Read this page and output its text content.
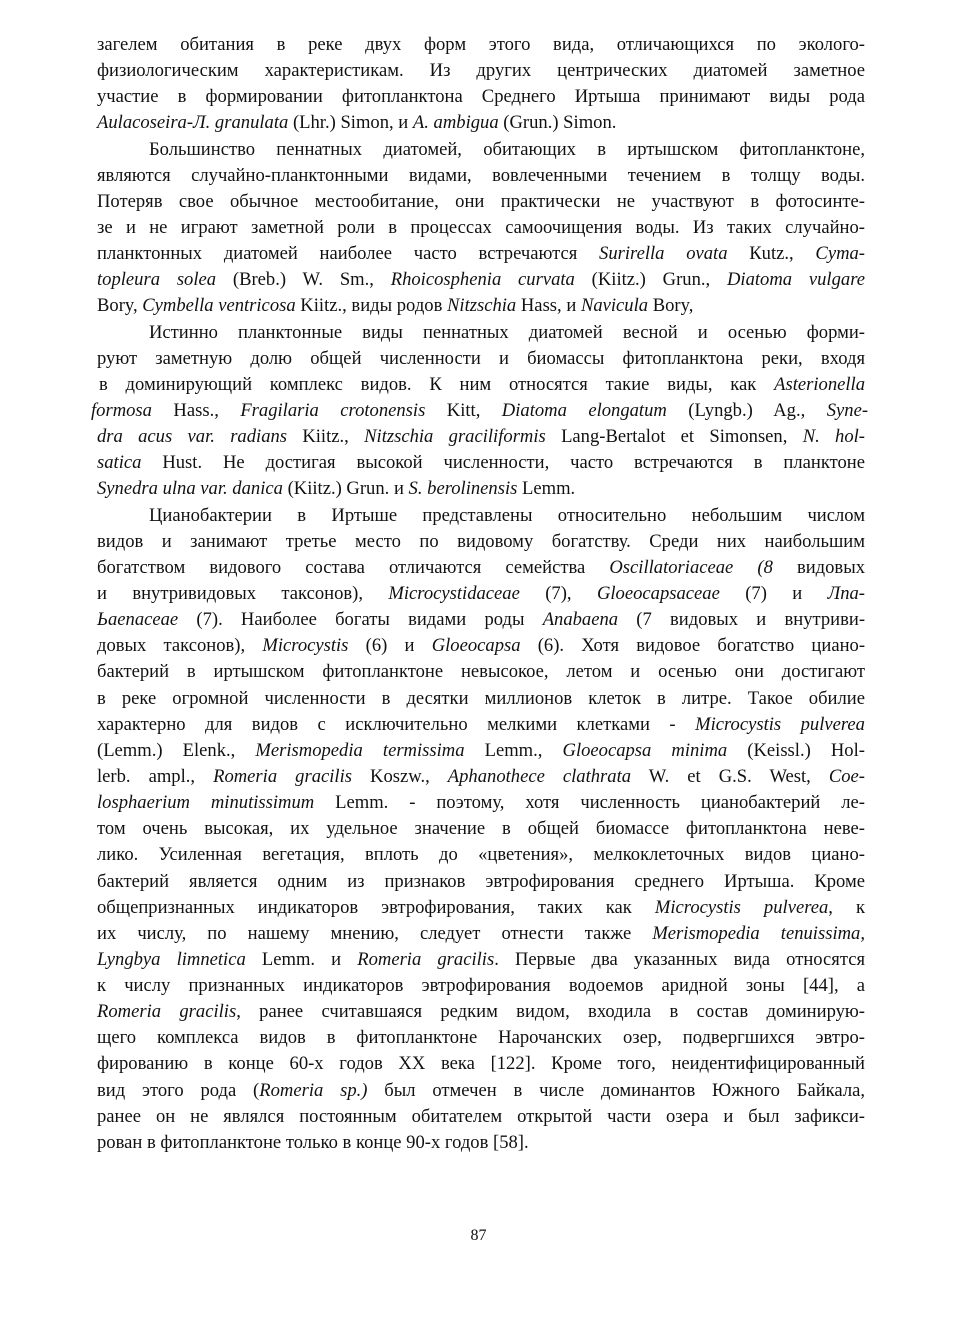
загелем обитания в реке двух форм этого вида, отличающихся по эколого-
физиологическим характеристикам. Из других центрических диатомей заметное
участие в формировании фитопланктона Среднего Иртыша принимают виды рода
Aulacoseira-Л. granulata (Lhr.) Simon, и A. ambigua (Grun.) Simon.
Большинство пеннатных диатомей, обитающих в иртышском фитопланктоне,
являются случайно-планктонными видами, вовлеченными течением в толщу воды.
Потеряв свое обычное местообитание, они практически не участвуют в фотосинте-
зе и не играют заметной роли в процессах самоочищения воды. Из таких случайно-
планктонных диатомей наиболее часто встречаются Surirella ovata Кutz., Cyma-
topleura solea (Breb.) W. Sm., Rhoicosphenia curvata (Kiitz.) Grun., Diatoma vulgare
Bory, Cymbella ventricosa Kiitz., виды родов Nitzschia Hass, и Navicula Bory,
Истинно планктонные виды пеннатных диатомей весной и осенью форми-
руют заметную долю общей численности и биомассы фитопланктона реки, входя
в доминирующий комплекс видов. К ним относятся такие виды, как Asterionella
formosa Hass., Fragilaria crotonensis Kitt, Diatoma elongatum (Lyngb.) Ag., Syne-
dra acus var. radians Kiitz., Nitzschia graciliformis Lang-Bertalot et Simonsen, N. hol-
satica Hust. Не достигая высокой численности, часто встречаются в планктоне
Synedra ulna var. danica (Kiitz.) Grun. и S. berolinensis Lemm.
Цианобактерии в Иртыше представлены относительно небольшим числом
видов и занимают третье место по видовому богатству. Среди них наибольшим
богатством видового состава отличаются семейства Oscillatoriaceae (8 видовых
и внутривидовых таксонов), Microcystidaceae (7), Gloeocapsaceae (7) и Лпа-
Ьaenaceae (7). Наиболее богаты видами роды Anabaena (7 видовых и внутриви-
довых таксонов), Microcystis (6) и Gloeocapsa (6). Хотя видовое богатство циано-
бактерий в иртышском фитопланктоне невысокое, летом и осенью они достигают
в реке огромной численности в десятки миллионов клеток в литре. Такое обилие
характерно для видов с исключительно мелкими клетками - Microcystis pulverea
(Lemm.) Elenk., Merismopedia termissima Lemm., Gloeocapsa minima (Keissl.) Hol-
lerb. ampl., Romeria gracilis Koszw., Aphanothece clathrata W. et G.S. West, Coe-
losphaerium minutissimum Lemm. - поэтому, хотя численность цианобактерий ле-
том очень высокая, их удельное значение в общей биомассе фитопланктона неве-
лико. Усиленная вегетация, вплоть до «цветения», мелкоклеточных видов циано-
бактерий является одним из признаков эвтрофирования среднего Иртыша. Кроме
общепризнанных индикаторов эвтрофирования, таких как Microcystis pulverea, к
их числу, по нашему мнению, следует отнести также Merismopedia tenuissima,
Lyngbya limnetica Lemm. и Romeria gracilis. Первые два указанных вида относятся
к числу признанных индикаторов эвтрофирования водоемов аридной зоны [44], а
Romeria gracilis, ранее считавшаяся редким видом, входила в состав доминирую-
щего комплекса видов в фитопланктоне Нарочанских озер, подвергшихся эвтро-
фированию в конце 60-х годов XX века [122]. Кроме того, неидентифицированный
вид этого рода (Romeria sp.) был отмечен в числе доминантов Южного Байкала,
ранее он не являлся постоянным обитателем открытой части озера и был зафикси-
рован в фитопланктоне только в конце 90-х годов [58].
87
